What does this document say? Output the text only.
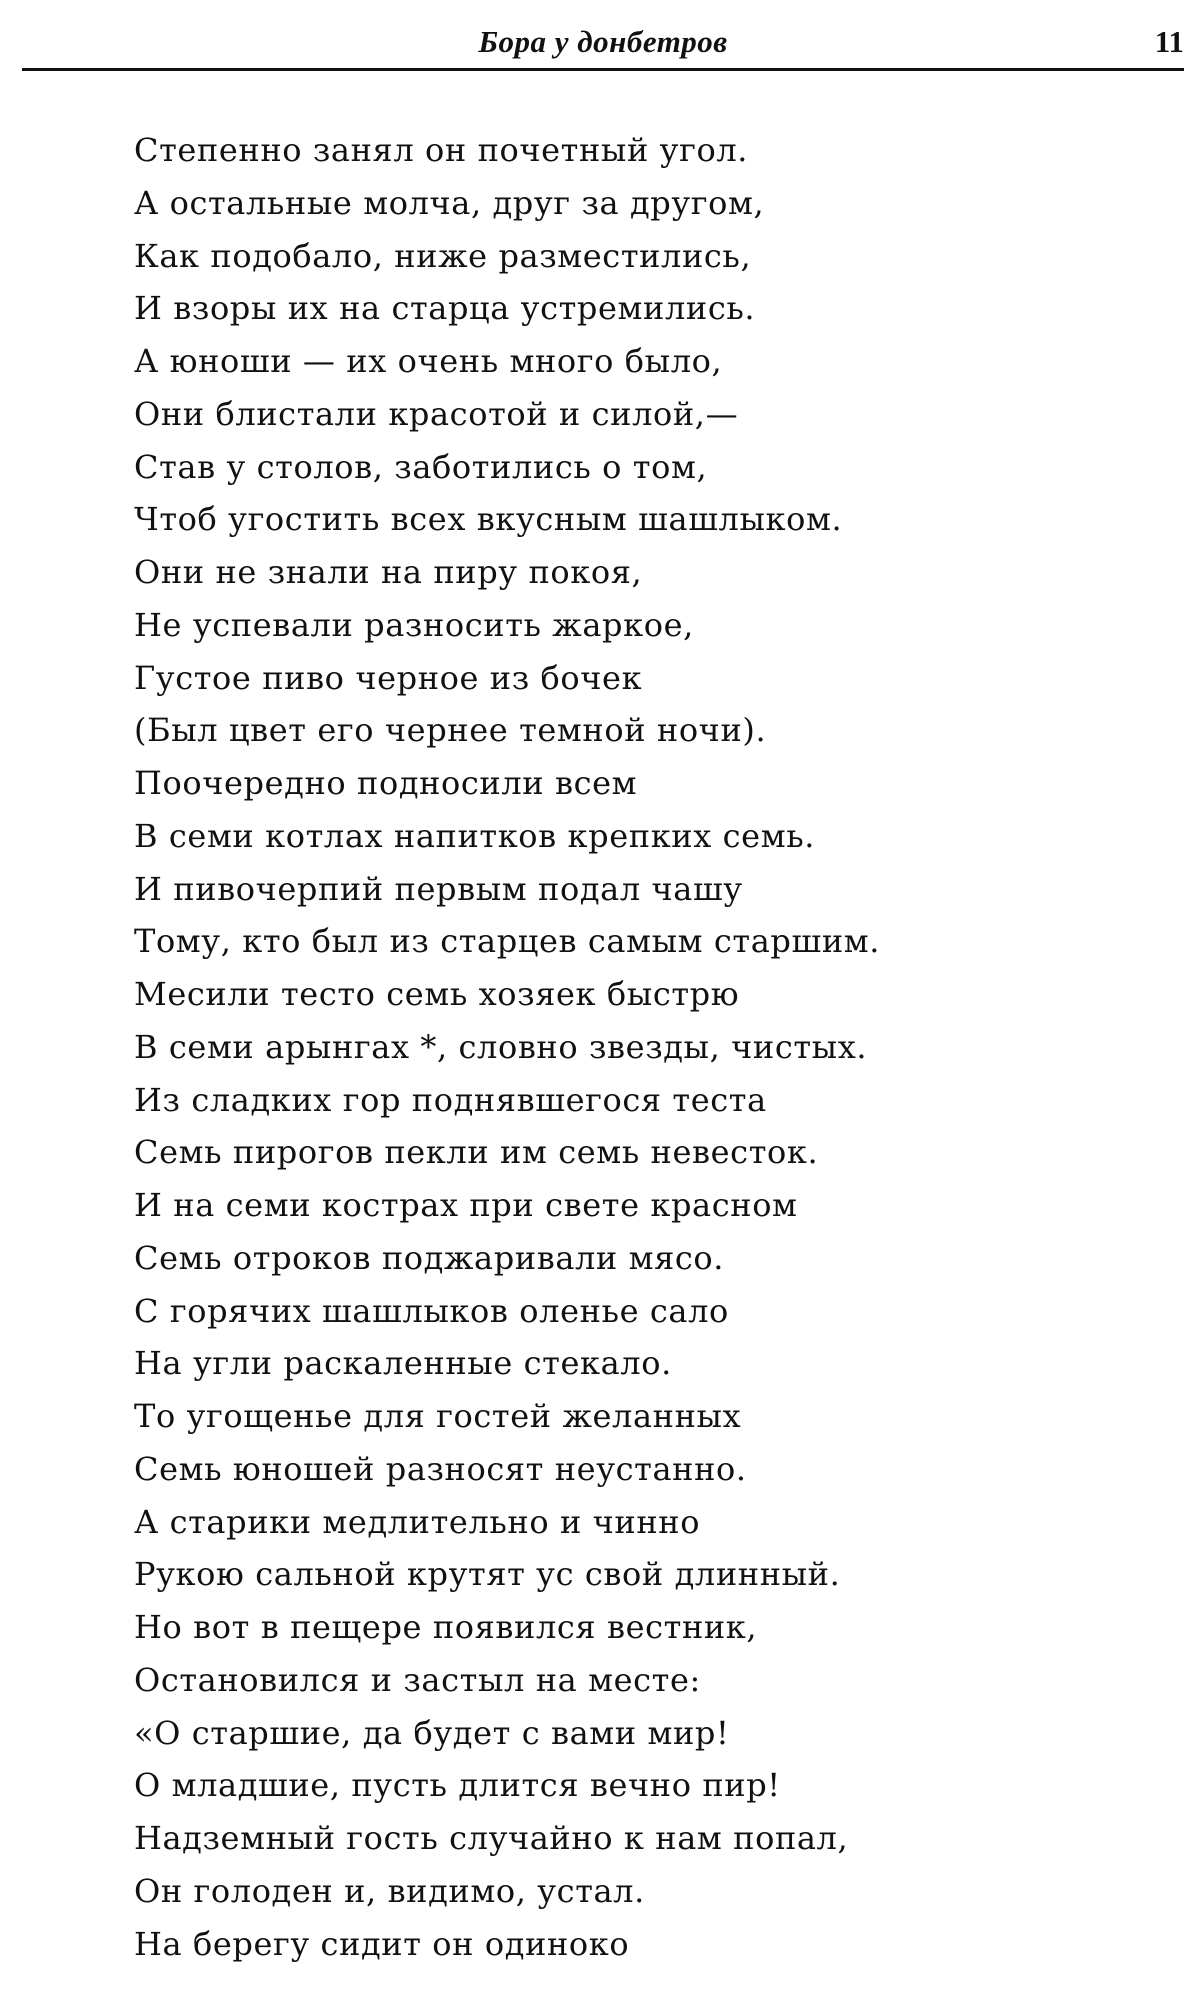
Бора у донбетров	11
Степенно занял он почетный угол.
А остальные молча, друг за другом,
Как подобало, ниже разместились,
И взоры их на старца устремились.
А юноши — их очень много было,
Они блистали красотой и силой,—
Став у столов, заботились о том,
Чтоб угостить всех вкусным шашлыком.
Они не знали на пиру покоя,
Не успевали разносить жаркое,
Густое пиво черное из бочек
(Был цвет его чернее темной ночи).
Поочередно подносили всем
В семи котлах напитков крепких семь.
И пивочерпий первым подал чашу
Тому, кто был из старцев самым старшим.
Месили тесто семь хозяек быстрю
В семи арынгах *, словно звезды, чистых.
Из сладких гор поднявшегося теста
Семь пирогов пекли им семь невесток.
И на семи кострах при свете красном
Семь отроков поджаривали мясо.
С горячих шашлыков оленье сало
На угли раскаленные стекало.
То угощенье для гостей желанных
Семь юношей разносят неустанно.
А старики медлительно и чинно
Рукою сальной крутят ус свой длинный.
Но вот в пещере появился вестник,
Остановился и застыл на месте:
«О старшие, да будет с вами мир!
О младшие, пусть длится вечно пир!
Надземный гость случайно к нам попал,
Он голоден и, видимо, устал.
На берегу сидит он одиноко
